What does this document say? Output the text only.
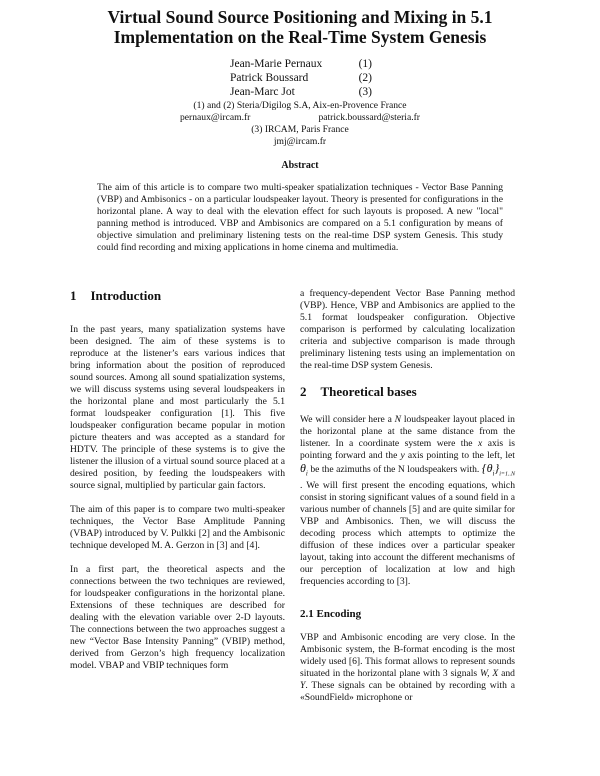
Virtual Sound Source Positioning and Mixing in 5.1
Implementation on the Real-Time System Genesis
Jean-Marie Pernaux	(1)
Patrick Boussard	(2)
Jean-Marc Jot	(3)
(1) and (2) Steria/Digilog S.A, Aix-en-Provence France
pernaux@ircam.fr	patrick.boussard@steria.fr
(3) IRCAM, Paris France
jmj@ircam.fr
Abstract

The aim of this article is to compare two multi-speaker spatialization techniques - Vector Base Panning (VBP) and Ambisonics - on a particular loudspeaker layout. Theory is presented for configurations in the horizontal plane. A way to deal with the elevation effect for such layouts is proposed. A new "local" panning method is introduced. VBP and Ambisonics are compared on a 5.1 configuration by means of objective simulation and preliminary listening tests on the real-time DSP system Genesis. This study could find recording and mixing applications in home cinema and multimedia.

1 Introduction

In the past years, many spatialization systems have been designed. The aim of these systems is to reproduce at the listener’s ears various indices that bring information about the position of reproduced sound sources. Among all sound spatialization systems, we will discuss systems using several loudspeakers in the horizontal plane and most particularly the 5.1 format loudspeaker configuration [1]. This five loudspeaker configuration became popular in motion picture theaters and was accepted as a standard for HDTV. The principle of these systems is to give the listener the illusion of a virtual sound source placed at a desired position, by feeding the loudspeakers with source signal, multiplied by particular gain factors.

The aim of this paper is to compare two multi-speaker techniques, the Vector Base Amplitude Panning (VBAP) introduced by V. Pulkki [2] and the Ambisonic technique developed M. A. Gerzon in [3] and [4].

In a first part, the theoretical aspects and the connections between the two techniques are reviewed, for loudspeaker configurations in the horizontal plane. Extensions of these techniques are described for dealing with the elevation variable over 2-D layouts. The connections between the two approaches suggest a new “Vector Base Intensity Panning” (VBIP) method, derived from Gerzon’s high frequency localization model. VBAP and VBIP techniques form

a frequency-dependent Vector Base Panning method (VBP). Hence, VBP and Ambisonics are applied to the 5.1 format loudspeaker configuration. Objective comparison is performed by calculating localization criteria and subjective comparison is made through preliminary listening tests using an implementation on the real-time DSP system Genesis.

2 Theoretical bases

We will consider here a N loudspeaker layout placed in the horizontal plane at the same distance from the listener. In a coordinate system were the x axis is pointing forward and the y axis pointing to the left, let $\theta_i$ be the azimuths of the N loudspeakers with. $\{\theta_i\}_{i=1..N}$ . We will first present the encoding equations, which consist in storing significant values of a sound field in a various number of channels [5] and are quite similar for VBP and Ambisonics. Then, we will discuss the decoding process which attempts to optimize the diffusion of these indices over a particular speaker layout, taking into account the different mechanisms of our perception of localization at low and high frequencies according to [3].

2.1 Encoding

VBP and Ambisonic encoding are very close. In the Ambisonic system, the B-format encoding is the most widely used [6]. This format allows to represent sounds situated in the horizontal plane with 3 signals W, X and Y. These signals can be obtained by recording with a «SoundField» microphone or
